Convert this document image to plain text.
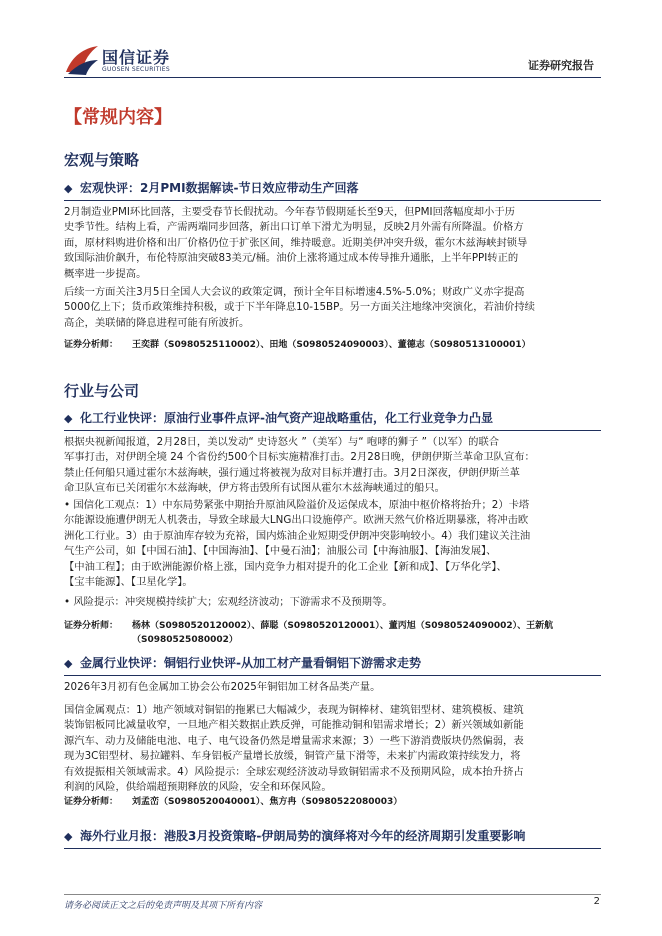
国信证券
GUOSEN SECURITIES	证券研究报告
【常规内容】
宏观与策略
◆ 宏观快评：2月PMI数据解读-节日效应带动生产回落
2月制造业PMI环比回落，主要受春节长假扰动。今年春节假期延长至9天，但PMI回落幅度却小于历
史季节性。结构上看，产需两端同步回落，新出口订单下滑尤为明显，反映2月外需有所降温。价格方
面，原材料购进价格和出厂价格仍位于扩张区间，维持暖意。近期美伊冲突升级，霍尔木兹海峡封锁导
致国际油价飙升，布伦特原油突破83美元/桶。油价上涨将通过成本传导推升通胀，上半年PPI转正的
概率进一步提高。
后续一方面关注3月5日全国人大会议的政策定调，预计全年目标增速4.5%-5.0%；财政广义赤字提高
5000亿上下；货币政策维持积极，或于下半年降息10-15BP。另一方面关注地缘冲突演化，若油价持续
高企，美联储的降息进程可能有所波折。
证券分析师： 王奕群（S0980525110002）、田地（S0980524090003）、董德志（S0980513100001）
行业与公司
◆ 化工行业快评：原油行业事件点评-油气资产迎战略重估，化工行业竞争力凸显
根据央视新闻报道，2月28日，美以发动“ 史诗怒火 ”（美军）与“ 咆哮的狮子 ”（以军）的联合
军事打击，对伊朗全境 24 个省份约500个目标实施精准打击。2月28日晚，伊朗伊斯兰革命卫队宣布：
禁止任何船只通过霍尔木兹海峡，强行通过将被视为敌对目标并遭打击。3月2日深夜，伊朗伊斯兰革
命卫队宣布已关闭霍尔木兹海峡，伊方将击毁所有试图从霍尔木兹海峡通过的船只。
• 国信化工观点：1）中东局势紧张中期抬升原油风险溢价及运保成本，原油中枢价格将抬升；2）卡塔
尔能源设施遭伊朗无人机袭击，导致全球最大LNG出口设施停产。欧洲天然气价格近期暴涨，将冲击欧
洲化工行业。3）由于原油库存较为充裕，国内炼油企业短期受伊朗冲突影响较小。4）我们建议关注油
气生产公司，如【中国石油】、【中国海油】、【中曼石油】；油服公司【中海油服】、【海油发展】、
【中油工程】；由于欧洲能源价格上涨，国内竞争力相对提升的化工企业【新和成】、【万华化学】、
【宝丰能源】、【卫星化学】。
• 风险提示：冲突规模持续扩大；宏观经济波动；下游需求不及预期等。
证券分析师： 杨林（S0980520120002）、薛聪（S0980520120001）、董丙旭（S0980524090002）、王新航
（S0980525080002）
◆ 金属行业快评：铜铝行业快评-从加工材产量看铜铝下游需求走势
2026年3月初有色金属加工协会公布2025年铜铝加工材各品类产量。
国信金属观点：1）地产领域对铜铝的拖累已大幅减少，表现为铜棒材、建筑铝型材、建筑模板、建筑
装饰铝板同比减量收窄，一旦地产相关数据止跌反弹，可能推动铜和铝需求增长；2）新兴领域如新能
源汽车、动力及储能电池、电子、电气设备仍然是增量需求来源；3）一些下游消费版块仍然偏弱，表
现为3C铝型材、易拉罐料、车身铝板产量增长放缓，铜管产量下滑等，未来扩内需政策持续发力，将
有效提振相关领域需求。4）风险提示：全球宏观经济波动导致铜铝需求不及预期风险，成本抬升挤占
利润的风险，供给端超预期释放的风险，安全和环保风险。
证券分析师： 刘孟峦（S0980520040001）、焦方冉（S0980522080003）
◆ 海外行业月报：港股3月投资策略-伊朗局势的演绎将对今年的经济周期引发重要影响
请务必阅读正文之后的免责声明及其项下所有内容	2
